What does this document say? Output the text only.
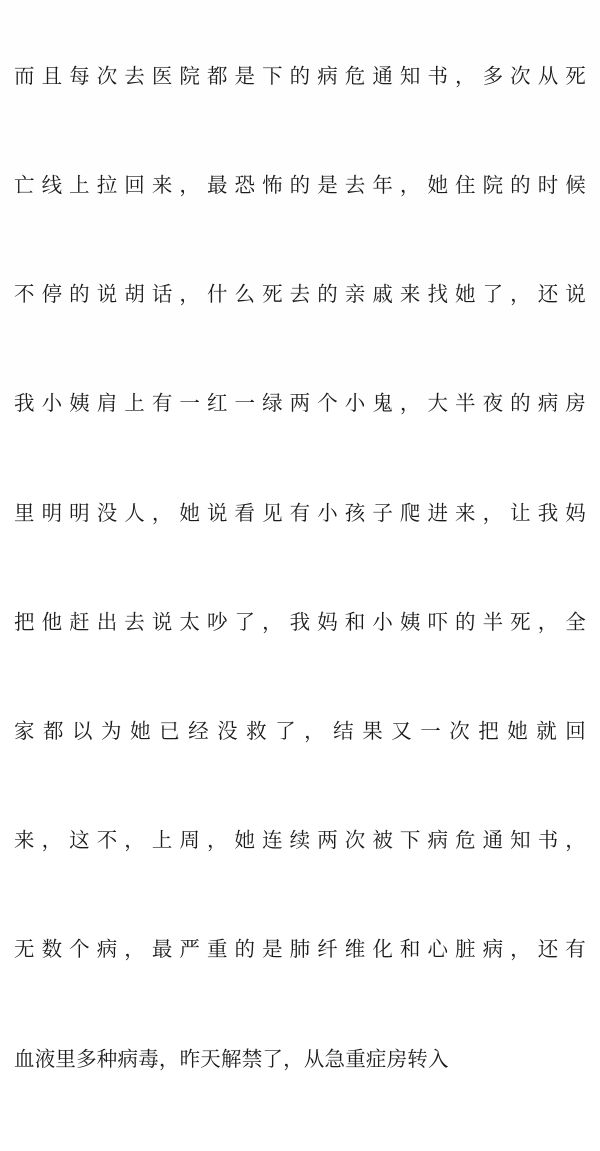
而且每次去医院都是下的病危通知书，多次从死

亡线上拉回来，最恐怖的是去年，她住院的时候

不停的说胡话，什么死去的亲戚来找她了，还说

我小姨肩上有一红一绿两个小鬼，大半夜的病房

里明明没人，她说看见有小孩子爬进来，让我妈

把他赶出去说太吵了，我妈和小姨吓的半死，全

家都以为她已经没救了，结果又一次把她就回

来，这不，上周，她连续两次被下病危通知书，

无数个病，最严重的是肺纤维化和心脏病，还有

血液里多种病毒，昨天解禁了，从急重症房转入
